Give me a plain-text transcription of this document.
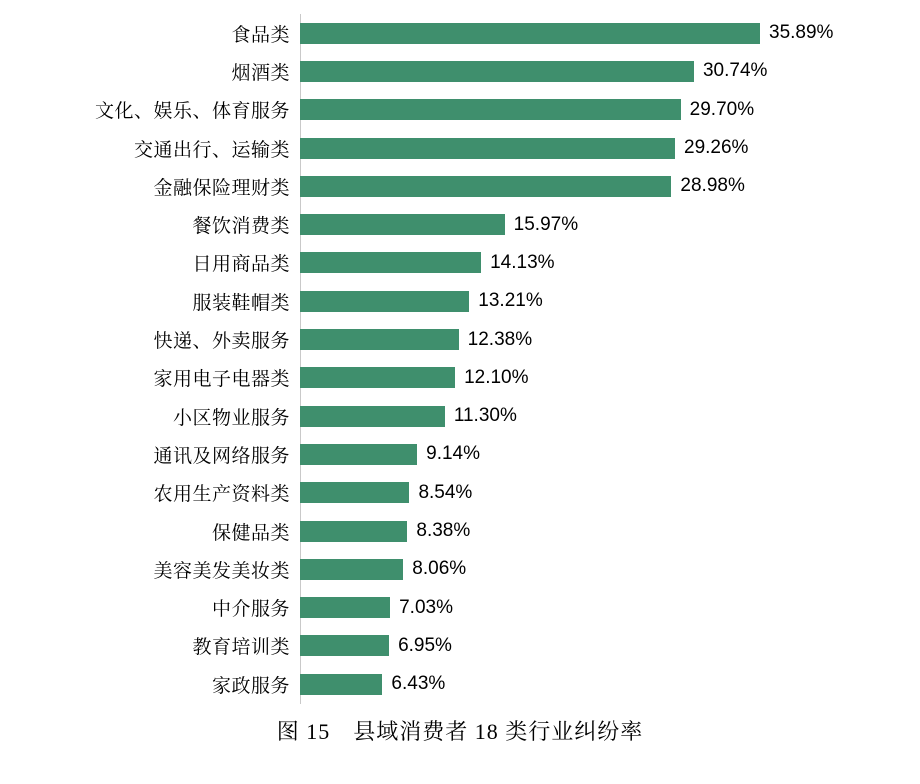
食品类	35.89%
烟酒类	30.74%
文化、娱乐、体育服务	29.70%
交通出行、运输类	29.26%
金融保险理财类	28.98%
餐饮消费类	15.97%
日用商品类	14.13%
服装鞋帽类	13.21%
快递、外卖服务	12.38%
家用电子电器类	12.10%
小区物业服务	11.30%
通讯及网络服务	9.14%
农用生产资料类	8.54%
保健品类	8.38%
美容美发美妆类	8.06%
中介服务	7.03%
教育培训类	6.95%
家政服务	6.43%
图 15　县域消费者 18 类行业纠纷率
